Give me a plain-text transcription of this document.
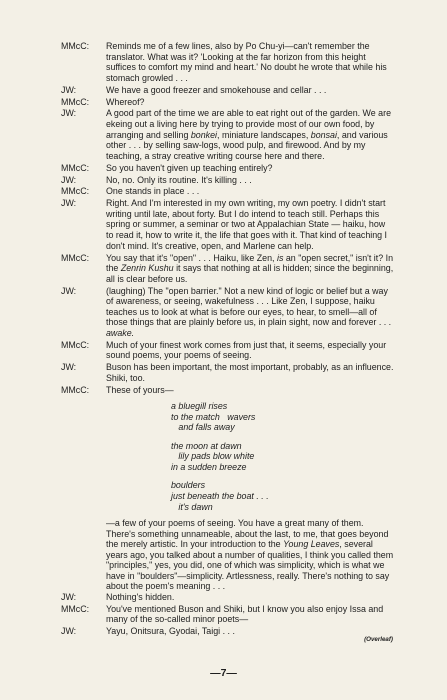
MMcC:	Reminds me of a few lines, also by Po Chu-yi—can't remember the translator. What was it? 'Looking at the far horizon from this height suffices to comfort my mind and heart.' No doubt he wrote that while his stomach growled . . .
JW:	We have a good freezer and smokehouse and cellar . . .
MMcC:	Whereof?
JW:	A good part of the time we are able to eat right out of the garden. We are ekeing out a living here by trying to provide most of our own food, by arranging and selling bonkei, miniature landscapes, bonsai, and various other . . . by selling saw-logs, wood pulp, and firewood. And by my teaching, a stray creative writing course here and there.
MMcC:	So you haven't given up teaching entirely?
JW:	No, no. Only its routine. It's killing . . .
MMcC:	One stands in place . . .
JW:	Right. And I'm interested in my own writing, my own poetry. I didn't start writing until late, about forty. But I do intend to teach still. Perhaps this spring or summer, a seminar or two at Appalachian State — haiku, how to read it, how to write it, the life that goes with it. That kind of teaching I don't mind. It's creative, open, and Marlene can help.
MMcC:	You say that it's "open" . . . Haiku, like Zen, is an "open secret," isn't it? In the Zenrin Kushu it says that nothing at all is hidden; since the beginning, all is clear before us.
JW:	(laughing) The "open barrier." Not a new kind of logic or belief but a way of awareness, or seeing, wakefulness . . . Like Zen, I suppose, haiku teaches us to look at what is before our eyes, to hear, to smell—all of those things that are plainly before us, in plain sight, now and forever . . . awake.
MMcC:	Much of your finest work comes from just that, it seems, especially your sound poems, your poems of seeing.
JW:	Buson has been important, the most important, probably, as an influence. Shiki, too.
MMcC:	These of yours—
a bluegill rises
to the match   wavers
and falls away
the moon at dawn
lily pads blow white
in a sudden breeze
boulders
just beneath the boat . . .
it's dawn
—a few of your poems of seeing. You have a great many of them. There's something unnameable, about the last, to me, that goes beyond the merely artistic. In your introduction to the Young Leaves, several years ago, you talked about a number of qualities, I think you called them "principles," yes, you did, one of which was simplicity, which is what we have in "boulders"—simplicity. Artlessness, really. There's nothing to say about the poem's meaning . . .
JW:	Nothing's hidden.
MMcC:	You've mentioned Buson and Shiki, but I know you also enjoy Issa and many of the so-called minor poets—
JW:	Yayu, Onitsura, Gyodai, Taigi . . .
(Overleaf)
—7—
